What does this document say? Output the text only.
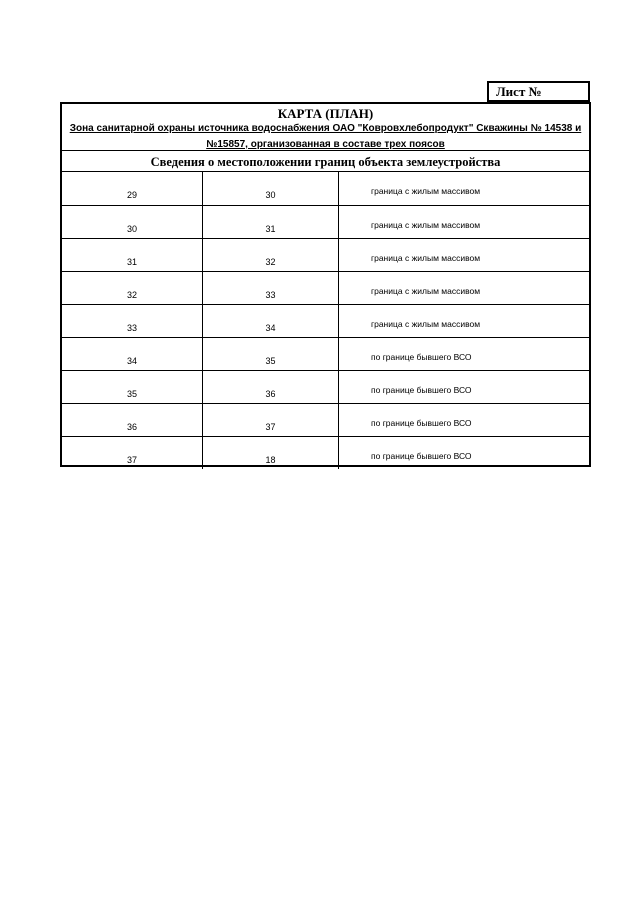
Лист №
КАРТА (ПЛАН)
Зона санитарной охраны источника водоснабжения ОАО "Ковровхлебопродукт" Скважины № 14538 и
№15857, организованная в составе трех поясов
Сведения о местоположении границ объекта землеустройства
29	30	граница с жилым массивом
30	31	граница с жилым массивом
31	32	граница с жилым массивом
32	33	граница с жилым массивом
33	34	граница с жилым массивом
34	35	по границе бывшего ВСО
35	36	по границе бывшего ВСО
36	37	по границе бывшего ВСО
37	18	по границе бывшего ВСО
